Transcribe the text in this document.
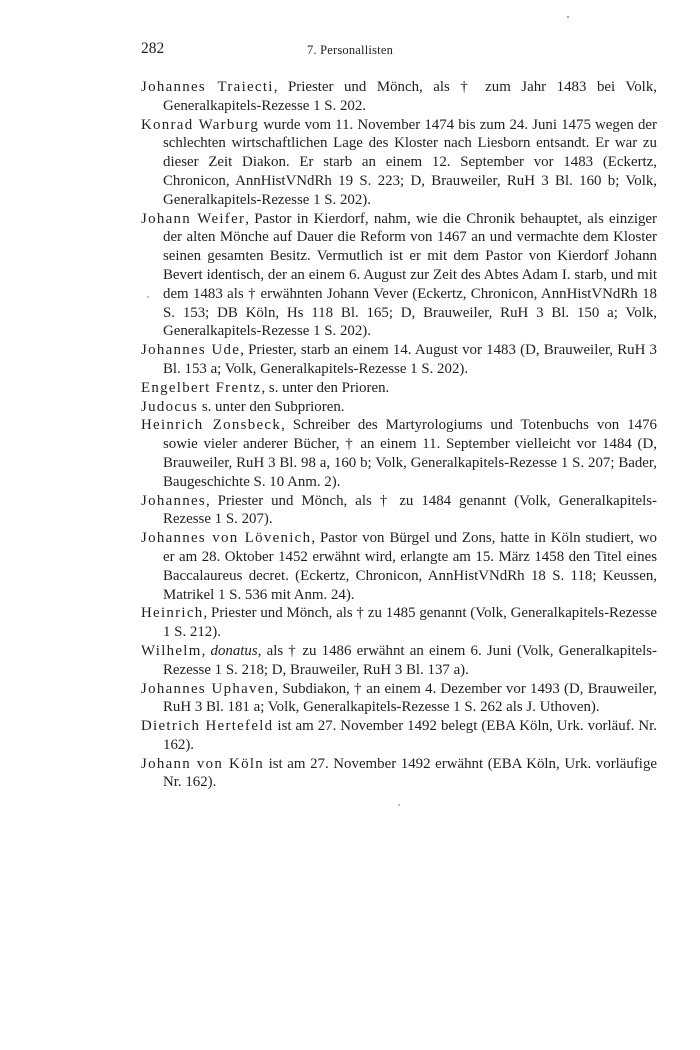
282	7. Personallisten

Johannes Traiecti, Priester und Mönch, als † zum Jahr 1483 bei Volk, Generalkapitels-Rezesse 1 S. 202.

Konrad Warburg wurde vom 11. November 1474 bis zum 24. Juni 1475 wegen der schlechten wirtschaftlichen Lage des Kloster nach Liesborn entsandt. Er war zu dieser Zeit Diakon. Er starb an einem 12. September vor 1483 (Eckertz, Chronicon, AnnHistVNdRh 19 S. 223; D, Brauweiler, RuH 3 Bl. 160 b; Volk, Generalkapitels-Rezesse 1 S. 202).

Johann Weifer, Pastor in Kierdorf, nahm, wie die Chronik behauptet, als einziger der alten Mönche auf Dauer die Reform von 1467 an und vermachte dem Kloster seinen gesamten Besitz. Vermutlich ist er mit dem Pastor von Kierdorf Johann Bevert identisch, der an einem 6. August zur Zeit des Abtes Adam I. starb, und mit dem 1483 als † erwähnten Johann Vever (Eckertz, Chronicon, AnnHistVNdRh 18 S. 153; DB Köln, Hs 118 Bl. 165; D, Brauweiler, RuH 3 Bl. 150 a; Volk, Generalkapitels-Rezesse 1 S. 202).

Johannes Ude, Priester, starb an einem 14. August vor 1483 (D, Brauweiler, RuH 3 Bl. 153 a; Volk, Generalkapitels-Rezesse 1 S. 202).

Engelbert Frentz, s. unter den Prioren.

Judocus s. unter den Subprioren.

Heinrich Zonsbeck, Schreiber des Martyrologiums und Totenbuchs von 1476 sowie vieler anderer Bücher, † an einem 11. September vielleicht vor 1484 (D, Brauweiler, RuH 3 Bl. 98 a, 160 b; Volk, Generalkapitels-Rezesse 1 S. 207; Bader, Baugeschichte S. 10 Anm. 2).

Johannes, Priester und Mönch, als † zu 1484 genannt (Volk, Generalkapitels-Rezesse 1 S. 207).

Johannes von Lövenich, Pastor von Bürgel und Zons, hatte in Köln studiert, wo er am 28. Oktober 1452 erwähnt wird, erlangte am 15. März 1458 den Titel eines Baccalaureus decret. (Eckertz, Chronicon, AnnHistVNdRh 18 S. 118; Keussen, Matrikel 1 S. 536 mit Anm. 24).

Heinrich, Priester und Mönch, als † zu 1485 genannt (Volk, Generalkapitels-Rezesse 1 S. 212).

Wilhelm, donatus, als † zu 1486 erwähnt an einem 6. Juni (Volk, Generalkapitels-Rezesse 1 S. 218; D, Brauweiler, RuH 3 Bl. 137 a).

Johannes Uphaven, Subdiakon, † an einem 4. Dezember vor 1493 (D, Brauweiler, RuH 3 Bl. 181 a; Volk, Generalkapitels-Rezesse 1 S. 262 als J. Uthoven).

Dietrich Hertefeld ist am 27. November 1492 belegt (EBA Köln, Urk. vorläuf. Nr. 162).

Johann von Köln ist am 27. November 1492 erwähnt (EBA Köln, Urk. vorläufige Nr. 162).
